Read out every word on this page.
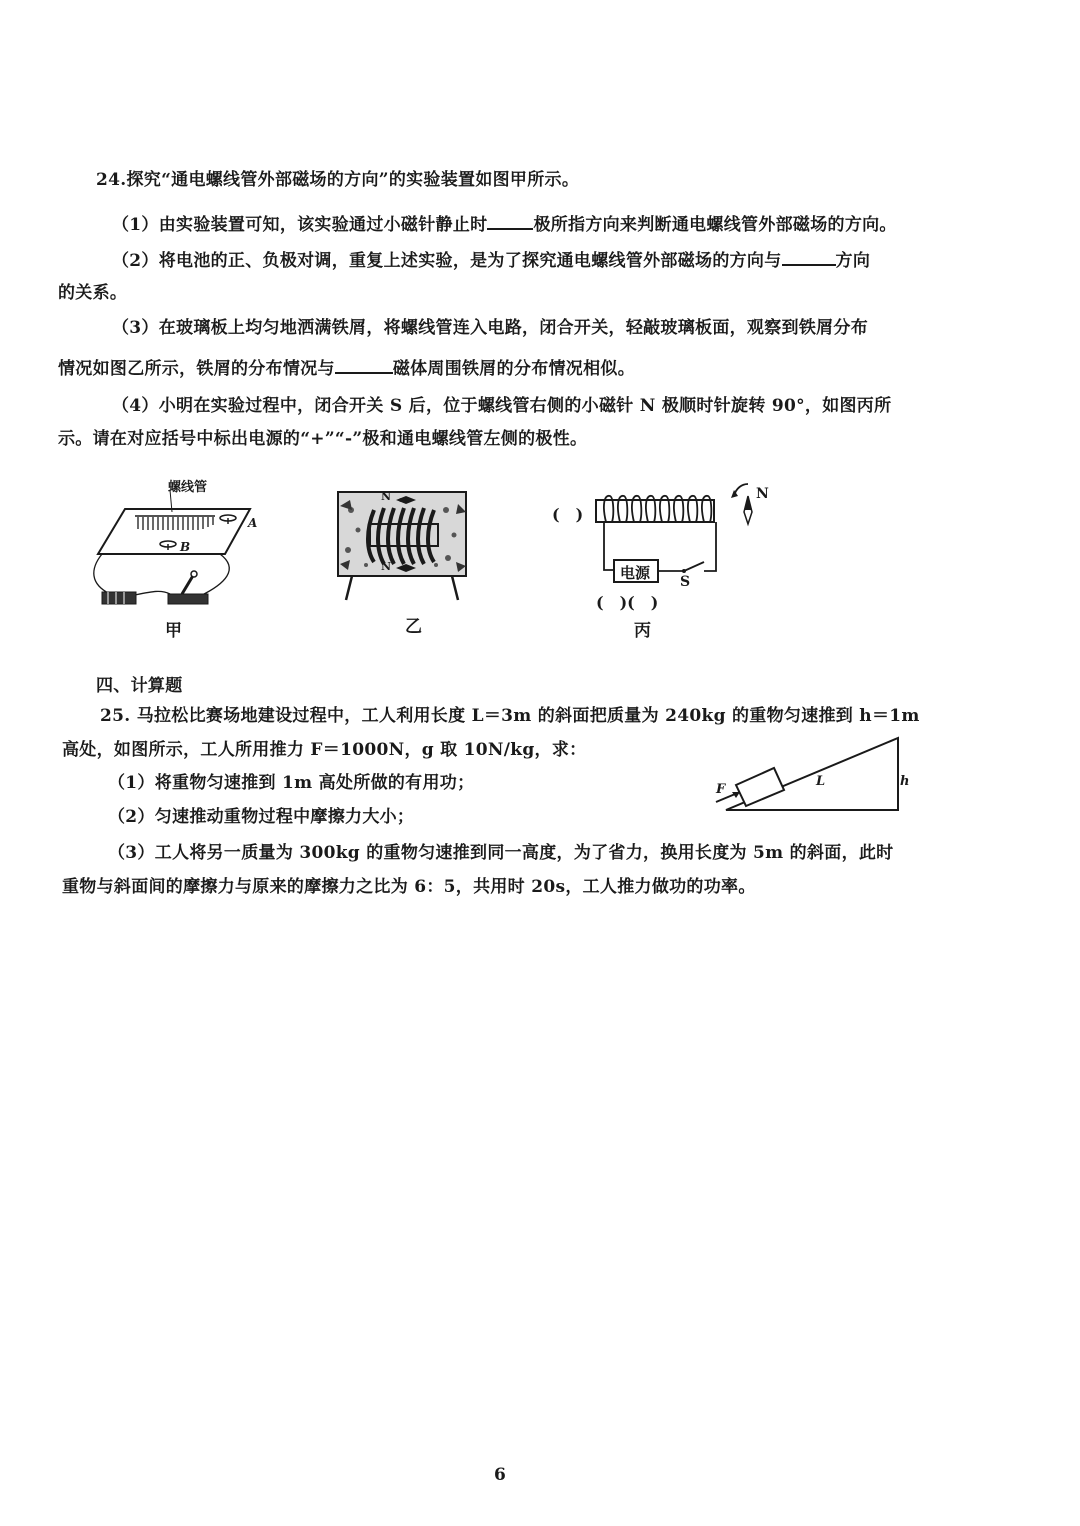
24.探究“通电螺线管外部磁场的方向”的实验装置如图甲所示。
（1）由实验装置可知，该实验通过小磁针静止时	极所指方向来判断通电螺线管外部磁场的方向。
（2）将电池的正、负极对调，重复上述实验，是为了探究通电螺线管外部磁场的方向与	方向
的关系。
（3）在玻璃板上均匀地洒满铁屑，将螺线管连入电路，闭合开关，轻敲玻璃板面，观察到铁屑分布
情况如图乙所示，铁屑的分布情况与	磁体周围铁屑的分布情况相似。
（4）小明在实验过程中，闭合开关 S 后，位于螺线管右侧的小磁针 N 极顺时针旋转 90°，如图丙所
示。请在对应括号中标出电源的“+”“-”极和通电螺线管左侧的极性。
螺线管
A
B
甲
N
N
乙
(　)
N
电源 S
(　)(　)
丙
四、计算题
25. 马拉松比赛场地建设过程中，工人利用长度 L＝3m 的斜面把质量为 240kg 的重物匀速推到 h＝1m
高处，如图所示，工人所用推力 F＝1000N，g 取 10N/kg，求：
（1）将重物匀速推到 1m 高处所做的有用功；
（2）匀速推动重物过程中摩擦力大小；
（3）工人将另一质量为 300kg 的重物匀速推到同一高度，为了省力，换用长度为 5m 的斜面，此时
重物与斜面间的摩擦力与原来的摩擦力之比为 6：5，共用时 20s，工人推力做功的功率。
F
L	h
6
